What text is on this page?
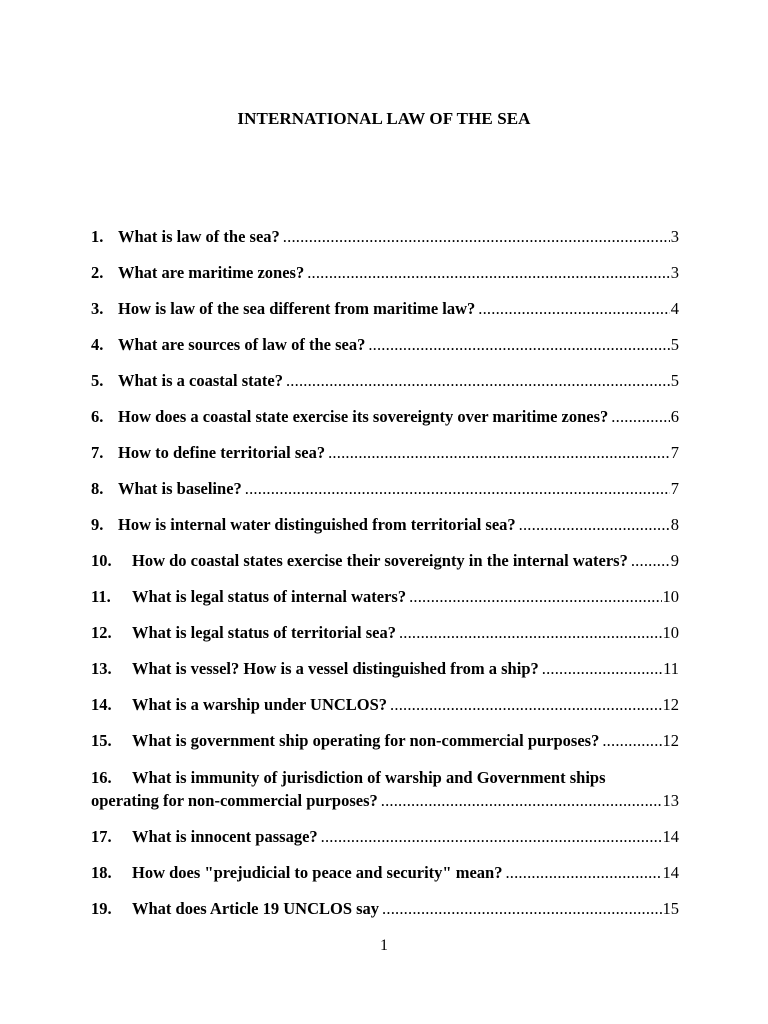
INTERNATIONAL LAW OF THE SEA
1. What is law of the sea? .....	3
2. What are maritime zones? .....	3
3. How is law of the sea different from maritime law? .....	4
4. What are sources of law of the sea? .....	5
5. What is a coastal state? .....	5
6. How does a coastal state exercise its sovereignty over maritime zones? .....	6
7. How to define territorial sea? .....	7
8. What is baseline? .....	7
9. How is internal water distinguished from territorial sea? .....	8
10.	How do coastal states exercise their sovereignty in the internal waters? .....	9
11.	What is legal status of internal waters? .....	10
12.	What is legal status of territorial sea? .....	10
13.	What is vessel? How is a vessel distinguished from a ship? .....	11
14.	What is a warship under UNCLOS? .....	12
15.	What is government ship operating for non-commercial purposes? .....	12
16.	What is immunity of jurisdiction of warship and Government ships
operating for non-commercial purposes? .....	13
17.	What is innocent passage? .....	14
18.	How does "prejudicial to peace and security" mean? .....	14
19.	What does Article 19 UNCLOS say .....	15
1
